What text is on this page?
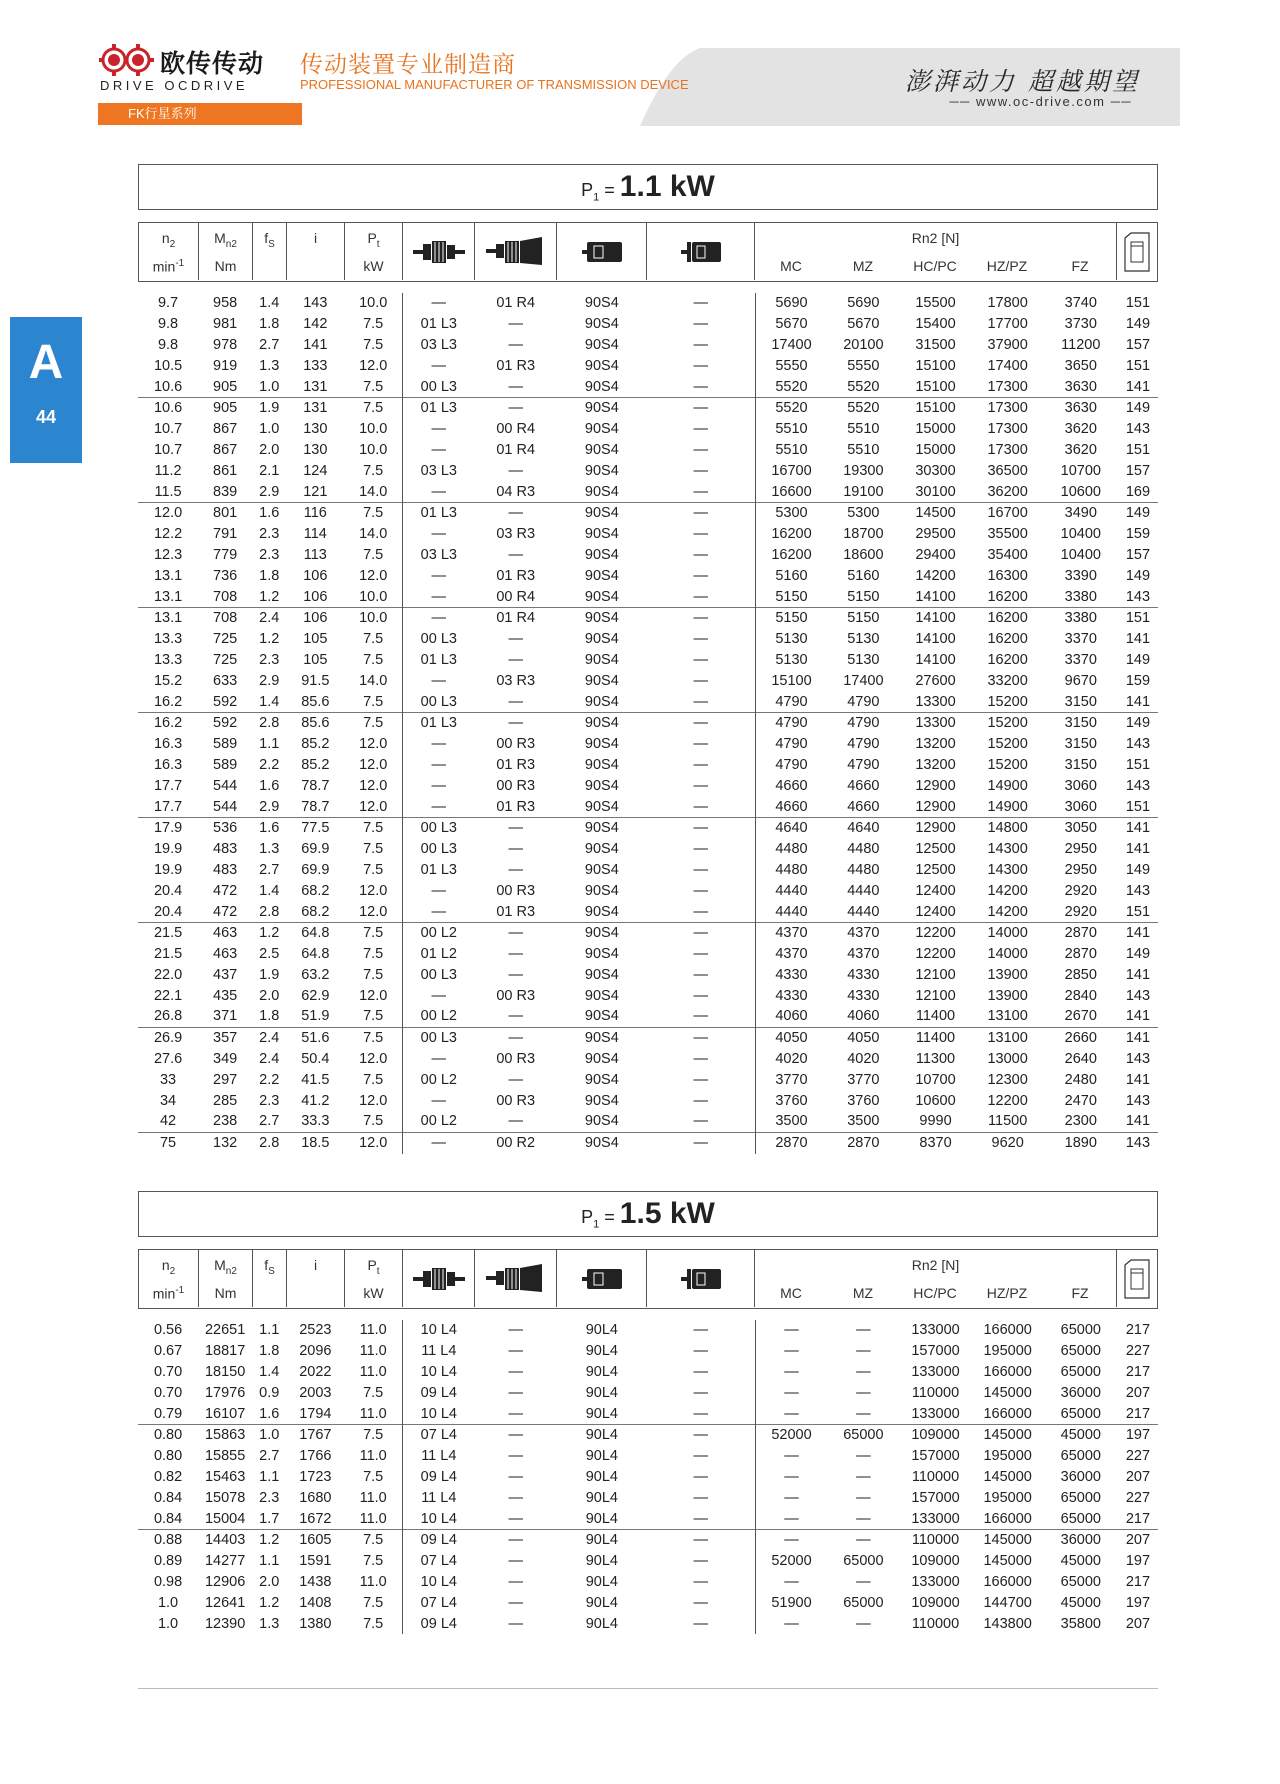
欧传传动
DRIVE OCDRIVE
传动装置专业制造商
PROFESSIONAL MANUFACTURER OF TRANSMISSION DEVICE
FK行星系列
澎湃动力 超越期望
── www.oc-drive.com ──
A
44
$P_1 = 1.1$ kW
$n_2$
$\min^{-1}$
$M_{n2}$
Nm
$f_S$	i	$P_t$
kW
Rn2 [N]
MC	MZ	HC/PC	HZ/PZ	FZ
9.7	958	1.4	143	10.0	—	01 R4	90S4	—	5690	5690	15500	17800	3740	151
9.8	981	1.8	142	7.5	01 L3	—	90S4	—	5670	5670	15400	17700	3730	149
9.8	978	2.7	141	7.5	03 L3	—	90S4	—	17400	20100	31500	37900	11200	157
10.5	919	1.3	133	12.0	—	01 R3	90S4	—	5550	5550	15100	17400	3650	151
10.6	905	1.0	131	7.5	00 L3	—	90S4	—	5520	5520	15100	17300	3630	141
10.6	905	1.9	131	7.5	01 L3	—	90S4	—	5520	5520	15100	17300	3630	149
10.7	867	1.0	130	10.0	—	00 R4	90S4	—	5510	5510	15000	17300	3620	143
10.7	867	2.0	130	10.0	—	01 R4	90S4	—	5510	5510	15000	17300	3620	151
11.2	861	2.1	124	7.5	03 L3	—	90S4	—	16700	19300	30300	36500	10700	157
11.5	839	2.9	121	14.0	—	04 R3	90S4	—	16600	19100	30100	36200	10600	169
12.0	801	1.6	116	7.5	01 L3	—	90S4	—	5300	5300	14500	16700	3490	149
12.2	791	2.3	114	14.0	—	03 R3	90S4	—	16200	18700	29500	35500	10400	159
12.3	779	2.3	113	7.5	03 L3	—	90S4	—	16200	18600	29400	35400	10400	157
13.1	736	1.8	106	12.0	—	01 R3	90S4	—	5160	5160	14200	16300	3390	149
13.1	708	1.2	106	10.0	—	00 R4	90S4	—	5150	5150	14100	16200	3380	143
13.1	708	2.4	106	10.0	—	01 R4	90S4	—	5150	5150	14100	16200	3380	151
13.3	725	1.2	105	7.5	00 L3	—	90S4	—	5130	5130	14100	16200	3370	141
13.3	725	2.3	105	7.5	01 L3	—	90S4	—	5130	5130	14100	16200	3370	149
15.2	633	2.9	91.5	14.0	—	03 R3	90S4	—	15100	17400	27600	33200	9670	159
16.2	592	1.4	85.6	7.5	00 L3	—	90S4	—	4790	4790	13300	15200	3150	141
16.2	592	2.8	85.6	7.5	01 L3	—	90S4	—	4790	4790	13300	15200	3150	149
16.3	589	1.1	85.2	12.0	—	00 R3	90S4	—	4790	4790	13200	15200	3150	143
16.3	589	2.2	85.2	12.0	—	01 R3	90S4	—	4790	4790	13200	15200	3150	151
17.7	544	1.6	78.7	12.0	—	00 R3	90S4	—	4660	4660	12900	14900	3060	143
17.7	544	2.9	78.7	12.0	—	01 R3	90S4	—	4660	4660	12900	14900	3060	151
17.9	536	1.6	77.5	7.5	00 L3	—	90S4	—	4640	4640	12900	14800	3050	141
19.9	483	1.3	69.9	7.5	00 L3	—	90S4	—	4480	4480	12500	14300	2950	141
19.9	483	2.7	69.9	7.5	01 L3	—	90S4	—	4480	4480	12500	14300	2950	149
20.4	472	1.4	68.2	12.0	—	00 R3	90S4	—	4440	4440	12400	14200	2920	143
20.4	472	2.8	68.2	12.0	—	01 R3	90S4	—	4440	4440	12400	14200	2920	151
21.5	463	1.2	64.8	7.5	00 L2	—	90S4	—	4370	4370	12200	14000	2870	141
21.5	463	2.5	64.8	7.5	01 L2	—	90S4	—	4370	4370	12200	14000	2870	149
22.0	437	1.9	63.2	7.5	00 L3	—	90S4	—	4330	4330	12100	13900	2850	141
22.1	435	2.0	62.9	12.0	—	00 R3	90S4	—	4330	4330	12100	13900	2840	143
26.8	371	1.8	51.9	7.5	00 L2	—	90S4	—	4060	4060	11400	13100	2670	141
26.9	357	2.4	51.6	7.5	00 L3	—	90S4	—	4050	4050	11400	13100	2660	141
27.6	349	2.4	50.4	12.0	—	00 R3	90S4	—	4020	4020	11300	13000	2640	143
33	297	2.2	41.5	7.5	00 L2	—	90S4	—	3770	3770	10700	12300	2480	141
34	285	2.3	41.2	12.0	—	00 R3	90S4	—	3760	3760	10600	12200	2470	143
42	238	2.7	33.3	7.5	00 L2	—	90S4	—	3500	3500	9990	11500	2300	141
75	132	2.8	18.5	12.0	—	00 R2	90S4	—	2870	2870	8370	9620	1890	143
$P_1 = 1.5$ kW
$n_2$
$\min^{-1}$
$M_{n2}$
Nm
$f_S$	i	$P_t$
kW
Rn2 [N]
MC	MZ	HC/PC	HZ/PZ	FZ
0.56	22651	1.1	2523	11.0	10 L4	—	90L4	—	—	—	133000	166000	65000	217
0.67	18817	1.8	2096	11.0	11 L4	—	90L4	—	—	—	157000	195000	65000	227
0.70	18150	1.4	2022	11.0	10 L4	—	90L4	—	—	—	133000	166000	65000	217
0.70	17976	0.9	2003	7.5	09 L4	—	90L4	—	—	—	110000	145000	36000	207
0.79	16107	1.6	1794	11.0	10 L4	—	90L4	—	—	—	133000	166000	65000	217
0.80	15863	1.0	1767	7.5	07 L4	—	90L4	—	52000	65000	109000	145000	45000	197
0.80	15855	2.7	1766	11.0	11 L4	—	90L4	—	—	—	157000	195000	65000	227
0.82	15463	1.1	1723	7.5	09 L4	—	90L4	—	—	—	110000	145000	36000	207
0.84	15078	2.3	1680	11.0	11 L4	—	90L4	—	—	—	157000	195000	65000	227
0.84	15004	1.7	1672	11.0	10 L4	—	90L4	—	—	—	133000	166000	65000	217
0.88	14403	1.2	1605	7.5	09 L4	—	90L4	—	—	—	110000	145000	36000	207
0.89	14277	1.1	1591	7.5	07 L4	—	90L4	—	52000	65000	109000	145000	45000	197
0.98	12906	2.0	1438	11.0	10 L4	—	90L4	—	—	—	133000	166000	65000	217
1.0	12641	1.2	1408	7.5	07 L4	—	90L4	—	51900	65000	109000	144700	45000	197
1.0	12390	1.3	1380	7.5	09 L4	—	90L4	—	—	—	110000	143800	35800	207
